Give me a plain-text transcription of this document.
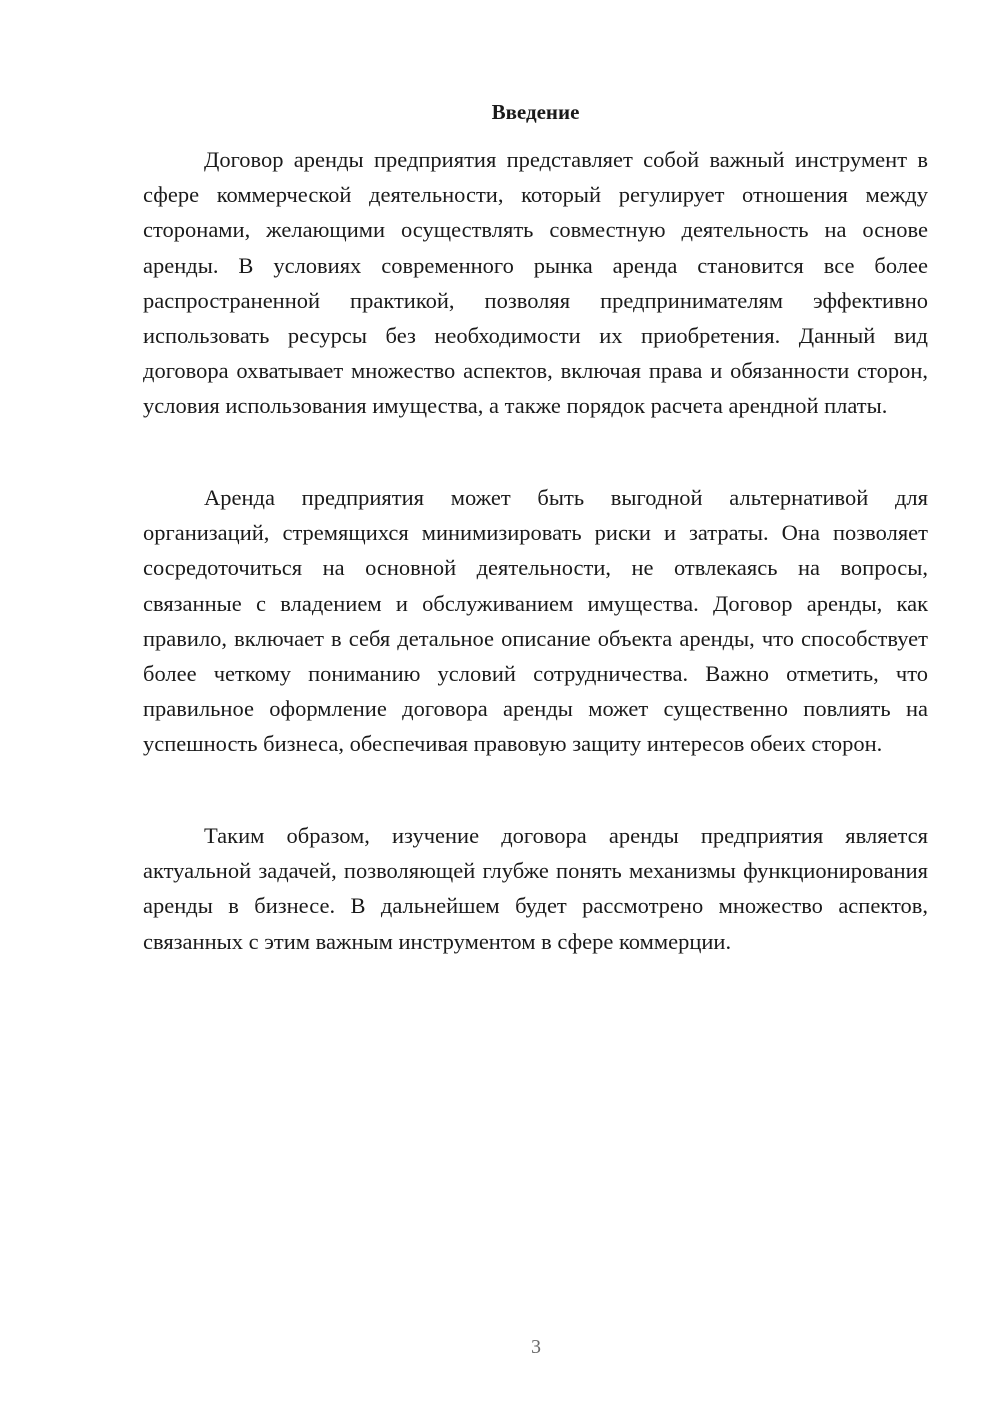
Введение

Договор аренды предприятия представляет собой важный инструмент в сфере коммерческой деятельности, который регулирует отношения между сторонами, желающими осуществлять совместную деятельность на основе аренды. В условиях современного рынка аренда становится все более распространенной практикой, позволяя предпринимателям эффективно использовать ресурсы без необходимости их приобретения. Данный вид договора охватывает множество аспектов, включая права и обязанности сторон, условия использования имущества, а также порядок расчета арендной платы.

Аренда предприятия может быть выгодной альтернативой для организаций, стремящихся минимизировать риски и затраты. Она позволяет сосредоточиться на основной деятельности, не отвлекаясь на вопросы, связанные с владением и обслуживанием имущества. Договор аренды, как правило, включает в себя детальное описание объекта аренды, что способствует более четкому пониманию условий сотрудничества. Важно отметить, что правильное оформление договора аренды может существенно повлиять на успешность бизнеса, обеспечивая правовую защиту интересов обеих сторон.

Таким образом, изучение договора аренды предприятия является актуальной задачей, позволяющей глубже понять механизмы функционирования аренды в бизнесе. В дальнейшем будет рассмотрено множество аспектов, связанных с этим важным инструментом в сфере коммерции.

3
